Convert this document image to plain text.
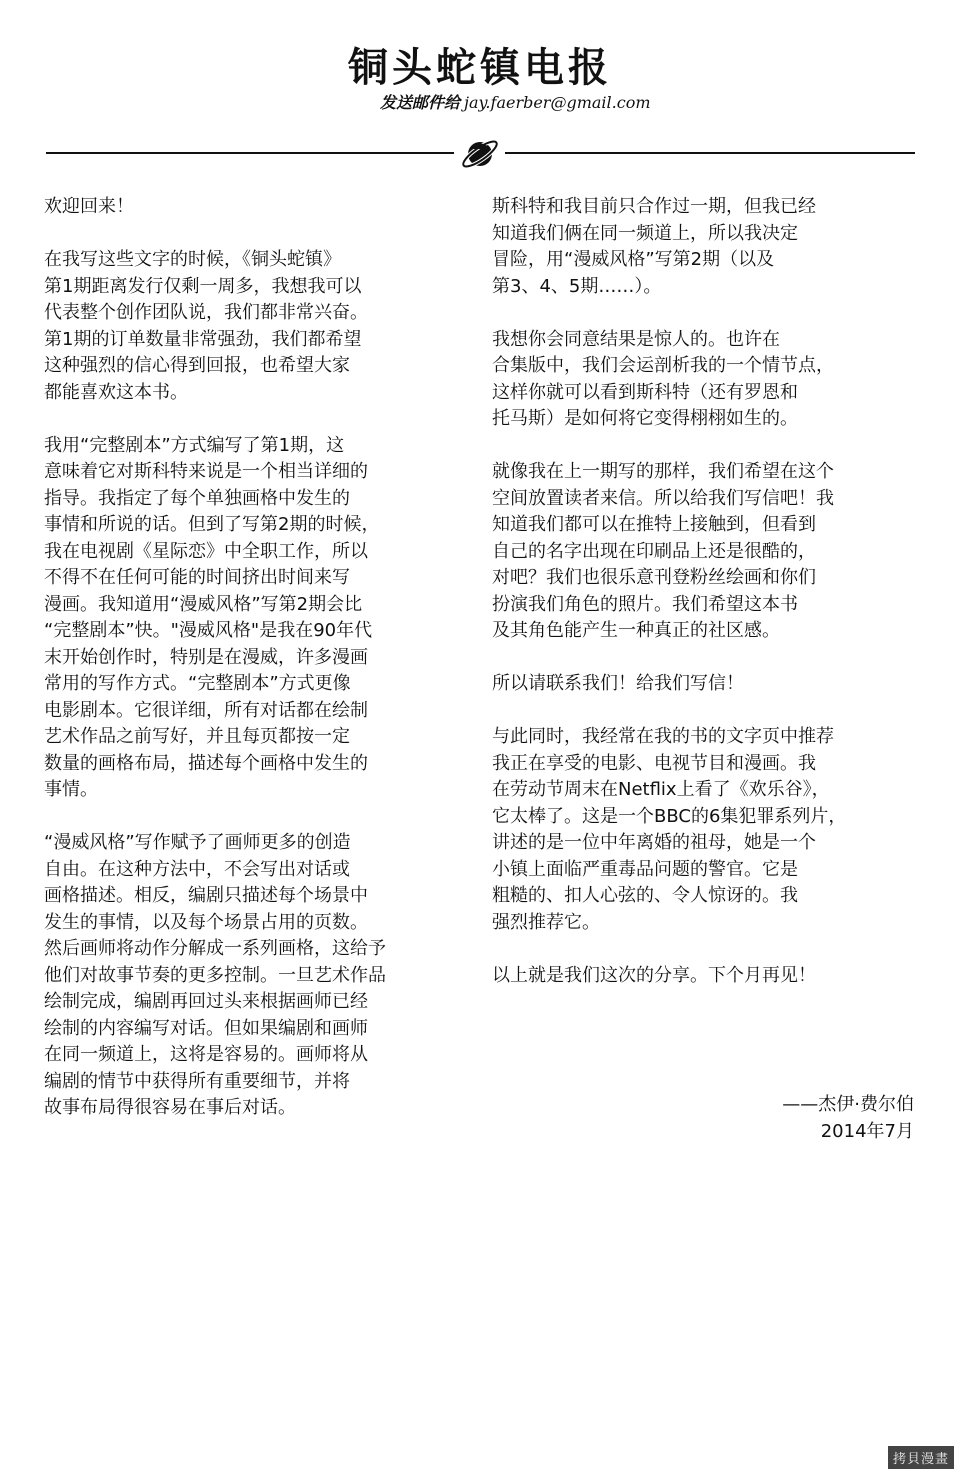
铜头蛇镇电报
发送邮件给 jay.faerber@gmail.com

欢迎回来！

在我写这些文字的时候，《铜头蛇镇》
第1期距离发行仅剩一周多，我想我可以
代表整个创作团队说，我们都非常兴奋。
第1期的订单数量非常强劲，我们都希望
这种强烈的信心得到回报，也希望大家
都能喜欢这本书。

我用“完整剧本”方式编写了第1期，这
意味着它对斯科特来说是一个相当详细的
指导。我指定了每个单独画格中发生的
事情和所说的话。但到了写第2期的时候，
我在电视剧《星际恋》中全职工作，所以
不得不在任何可能的时间挤出时间来写
漫画。我知道用“漫威风格”写第2期会比
“完整剧本”快。"漫威风格"是我在90年代
末开始创作时，特别是在漫威，许多漫画
常用的写作方式。“完整剧本”方式更像
电影剧本。它很详细，所有对话都在绘制
艺术作品之前写好，并且每页都按一定
数量的画格布局，描述每个画格中发生的
事情。

“漫威风格”写作赋予了画师更多的创造
自由。在这种方法中，不会写出对话或
画格描述。相反，编剧只描述每个场景中
发生的事情，以及每个场景占用的页数。
然后画师将动作分解成一系列画格，这给予
他们对故事节奏的更多控制。一旦艺术作品
绘制完成，编剧再回过头来根据画师已经
绘制的内容编写对话。但如果编剧和画师
在同一频道上，这将是容易的。画师将从
编剧的情节中获得所有重要细节，并将
故事布局得很容易在事后对话。

斯科特和我目前只合作过一期，但我已经
知道我们俩在同一频道上，所以我决定
冒险，用“漫威风格”写第2期（以及
第3、4、5期……）。

我想你会同意结果是惊人的。也许在
合集版中，我们会运剖析我的一个情节点，
这样你就可以看到斯科特（还有罗恩和
托马斯）是如何将它变得栩栩如生的。

就像我在上一期写的那样，我们希望在这个
空间放置读者来信。所以给我们写信吧！我
知道我们都可以在推特上接触到，但看到
自己的名字出现在印刷品上还是很酷的，
对吧？我们也很乐意刊登粉丝绘画和你们
扮演我们角色的照片。我们希望这本书
及其角色能产生一种真正的社区感。

所以请联系我们！给我们写信！

与此同时，我经常在我的书的文字页中推荐
我正在享受的电影、电视节目和漫画。我
在劳动节周末在Netflix上看了《欢乐谷》，
它太棒了。这是一个BBC的6集犯罪系列片，
讲述的是一位中年离婚的祖母，她是一个
小镇上面临严重毒品问题的警官。它是
粗糙的、扣人心弦的、令人惊讶的。我
强烈推荐它。

以上就是我们这次的分享。下个月再见！

——杰伊·费尔伯
2014年7月
拷貝漫畫
